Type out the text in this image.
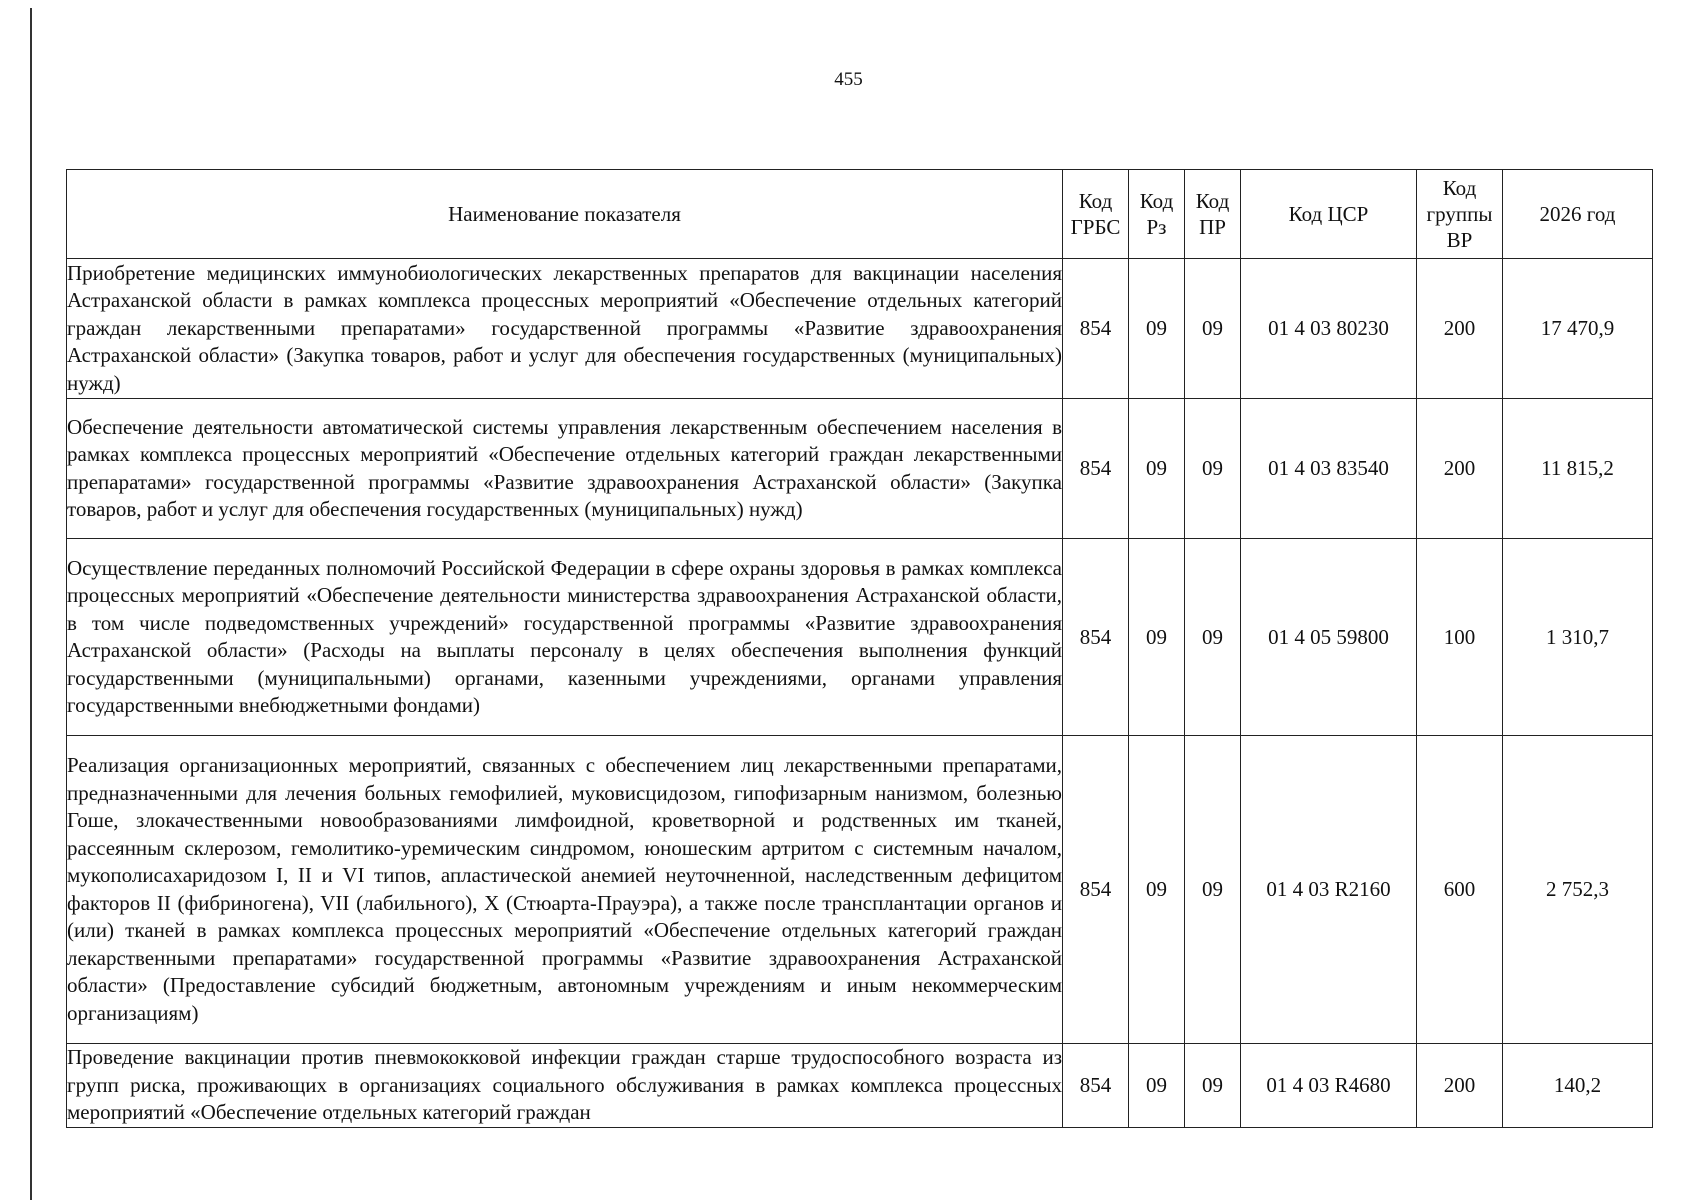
455
Наименование показателя	Код ГРБС	Код Рз	Код ПР	Код ЦСР	Код группы ВР	2026 год
Приобретение медицинских иммунобиологических лекарственных препаратов для вакцинации населения Астраханской области в рамках комплекса процессных мероприятий «Обеспечение отдельных категорий граждан лекарственными препаратами» государственной программы «Развитие здравоохранения Астраханской области» (Закупка товаров, работ и услуг для обеспечения государственных (муниципальных) нужд)	854	09	09	01 4 03 80230	200	17 470,9
Обеспечение деятельности автоматической системы управления лекарственным обеспечением населения в рамках комплекса процессных мероприятий «Обеспечение отдельных категорий граждан лекарственными препаратами» государственной программы «Развитие здравоохранения Астраханской области» (Закупка товаров, работ и услуг для обеспечения государственных (муниципальных) нужд)	854	09	09	01 4 03 83540	200	11 815,2
Осуществление переданных полномочий Российской Федерации в сфере охраны здоровья в рамках комплекса процессных мероприятий «Обеспечение деятельности министерства здравоохранения Астраханской области, в том числе подведомственных учреждений» государственной программы «Развитие здравоохранения Астраханской области» (Расходы на выплаты персоналу в целях обеспечения выполнения функций государственными (муниципальными) органами, казенными учреждениями, органами управления государственными внебюджетными фондами)	854	09	09	01 4 05 59800	100	1 310,7
Реализация организационных мероприятий, связанных с обеспечением лиц лекарственными препаратами, предназначенными для лечения больных гемофилией, муковисцидозом, гипофизарным нанизмом, болезнью Гоше, злокачественными новообразованиями лимфоидной, кроветворной и родственных им тканей, рассеянным склерозом, гемолитико-уремическим синдромом, юношеским артритом с системным началом, мукополисахаридозом I, II и VI типов, апластической анемией неуточненной, наследственным дефицитом факторов II (фибриногена), VII (лабильного), X (Стюарта-Прауэра), а также после трансплантации органов и (или) тканей в рамках комплекса процессных мероприятий «Обеспечение отдельных категорий граждан лекарственными препаратами» государственной программы «Развитие здравоохранения Астраханской области» (Предоставление субсидий бюджетным, автономным учреждениям и иным некоммерческим организациям)	854	09	09	01 4 03 R2160	600	2 752,3
Проведение вакцинации против пневмококковой инфекции граждан старше трудоспособного возраста из групп риска, проживающих в организациях социального обслуживания в рамках комплекса процессных мероприятий «Обеспечение отдельных категорий граждан	854	09	09	01 4 03 R4680	200	140,2
